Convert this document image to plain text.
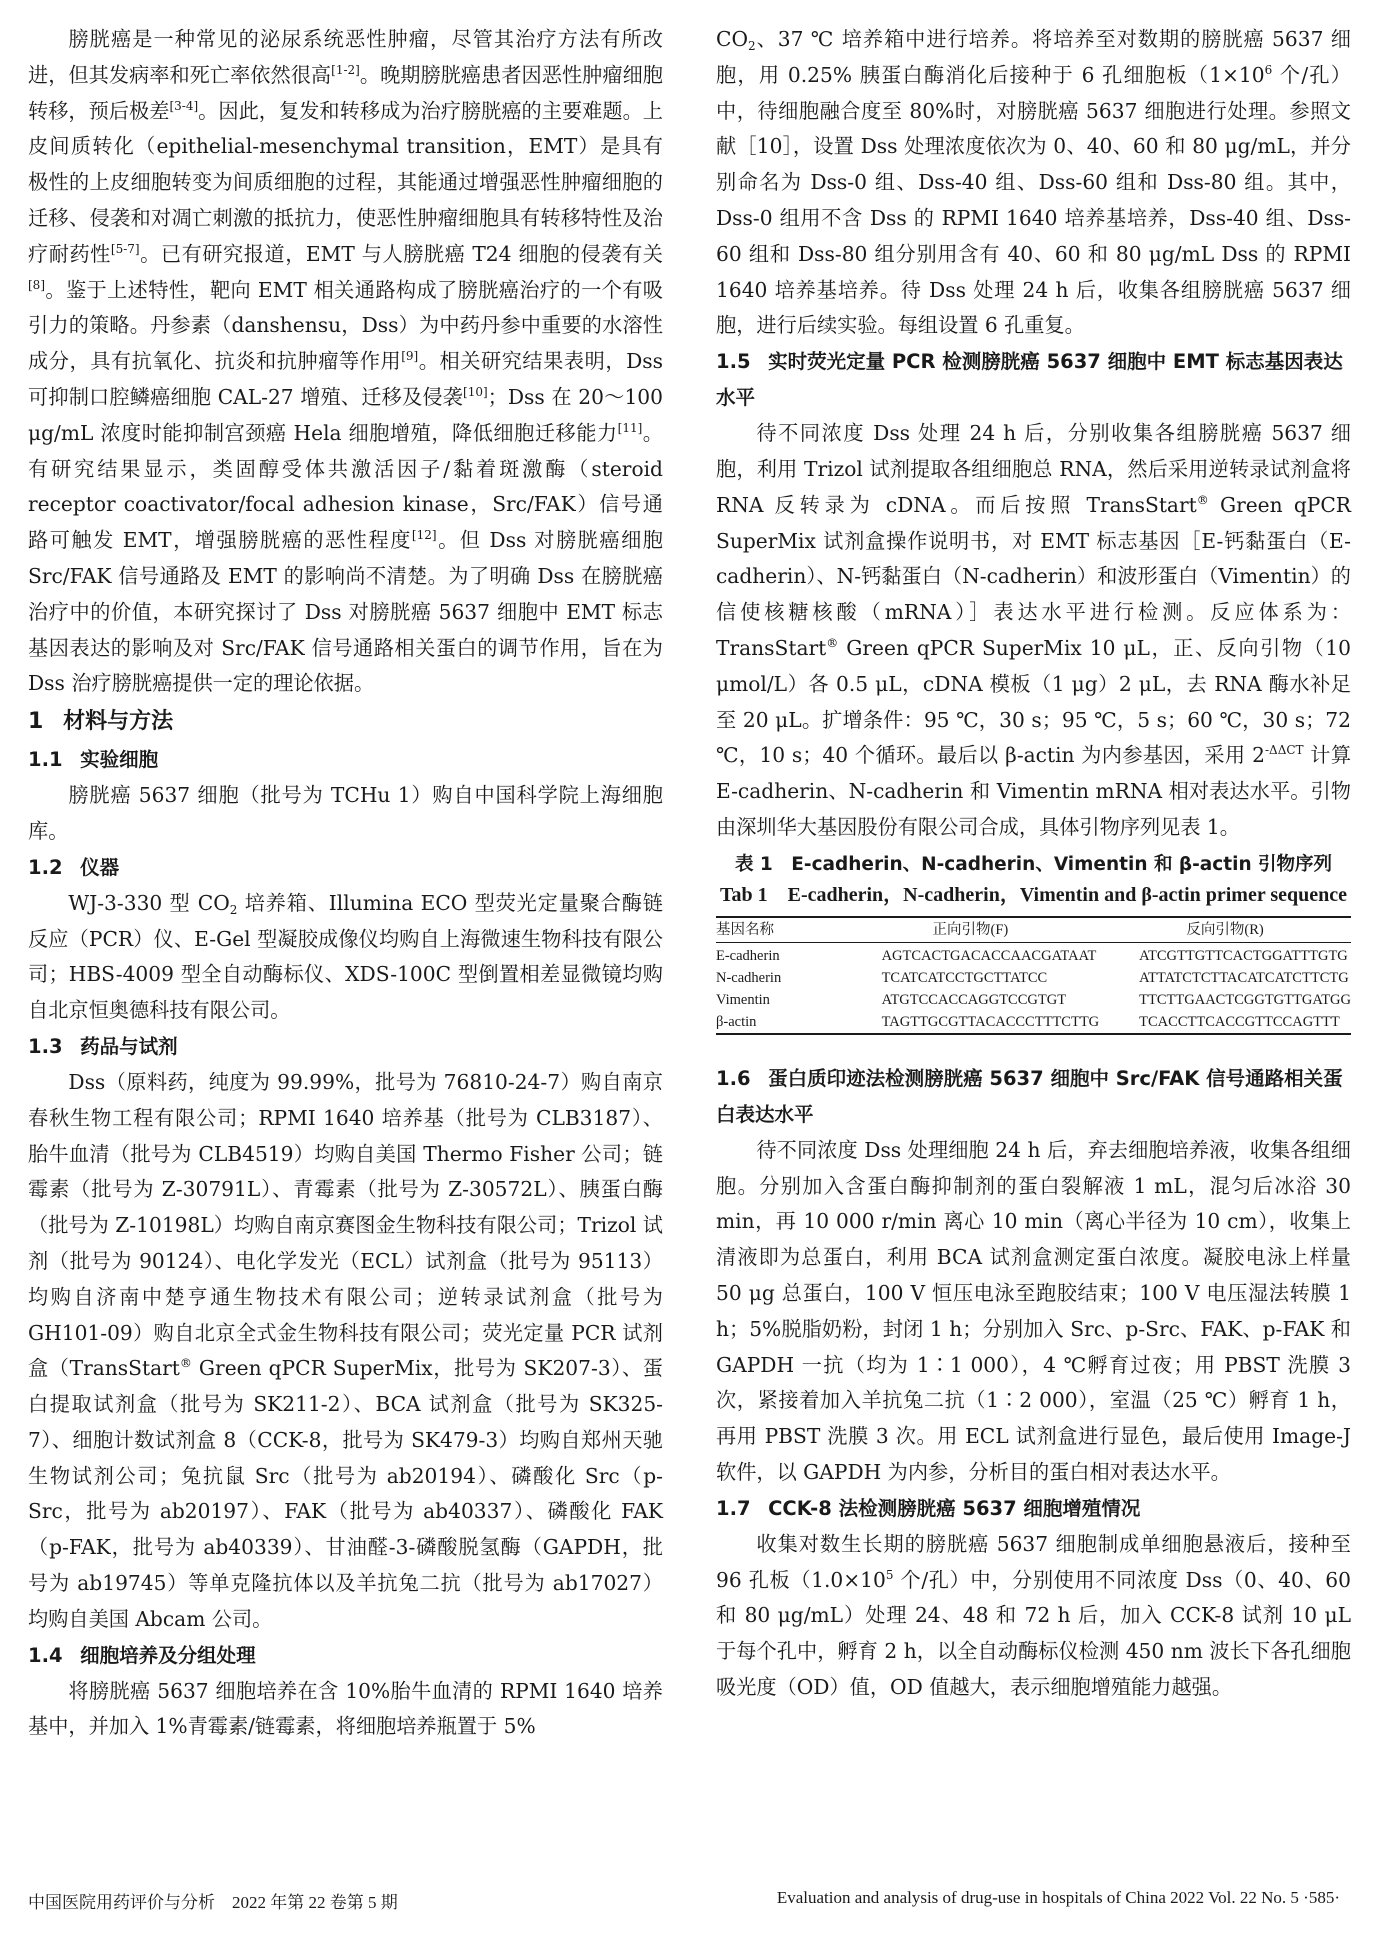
膀胱癌是一种常见的泌尿系统恶性肿瘤，尽管其治疗方法有所改进，但其发病率和死亡率依然很高[1-2]。晚期膀胱癌患者因恶性肿瘤细胞转移，预后极差[3-4]。因此，复发和转移成为治疗膀胱癌的主要难题。上皮间质转化（epithelial-mesenchymal transition，EMT）是具有极性的上皮细胞转变为间质细胞的过程，其能通过增强恶性肿瘤细胞的迁移、侵袭和对凋亡刺激的抵抗力，使恶性肿瘤细胞具有转移特性及治疗耐药性[5-7]。已有研究报道，EMT 与人膀胱癌 T24 细胞的侵袭有关[8]。鉴于上述特性，靶向 EMT 相关通路构成了膀胱癌治疗的一个有吸引力的策略。丹参素（danshensu，Dss）为中药丹参中重要的水溶性成分，具有抗氧化、抗炎和抗肿瘤等作用[9]。相关研究结果表明，Dss 可抑制口腔鳞癌细胞 CAL-27 增殖、迁移及侵袭[10]；Dss 在 20～100 μg/mL 浓度时能抑制宫颈癌 Hela 细胞增殖，降低细胞迁移能力[11]。有研究结果显示，类固醇受体共激活因子/黏着斑激酶（steroid receptor coactivator/focal adhesion kinase，Src/FAK）信号通路可触发 EMT，增强膀胱癌的恶性程度[12]。但 Dss 对膀胱癌细胞 Src/FAK 信号通路及 EMT 的影响尚不清楚。为了明确 Dss 在膀胱癌治疗中的价值，本研究探讨了 Dss 对膀胱癌 5637 细胞中 EMT 标志基因表达的影响及对 Src/FAK 信号通路相关蛋白的调节作用，旨在为 Dss 治疗膀胱癌提供一定的理论依据。

1 材料与方法
1.1 实验细胞

膀胱癌 5637 细胞（批号为 TCHu 1）购自中国科学院上海细胞库。

1.2 仪器

WJ-3-330 型 $CO_2$ 培养箱、Illumina ECO 型荧光定量聚合酶链反应（PCR）仪、E-Gel 型凝胶成像仪均购自上海微速生物科技有限公司；HBS-4009 型全自动酶标仪、XDS-100C 型倒置相差显微镜均购自北京恒奥德科技有限公司。

1.3 药品与试剂

Dss（原料药，纯度为 99.99%，批号为 76810-24-7）购自南京春秋生物工程有限公司；RPMI 1640 培养基（批号为 CLB3187）、胎牛血清（批号为 CLB4519）均购自美国 Thermo Fisher 公司；链霉素（批号为 Z-30791L）、青霉素（批号为 Z-30572L）、胰蛋白酶（批号为 Z-10198L）均购自南京赛图金生物科技有限公司；Trizol 试剂（批号为 90124）、电化学发光（ECL）试剂盒（批号为 95113）均购自济南中楚亨通生物技术有限公司；逆转录试剂盒（批号为 GH101-09）购自北京全式金生物科技有限公司；荧光定量 PCR 试剂盒（TransStart® Green qPCR SuperMix，批号为 SK207-3）、蛋白提取试剂盒（批号为 SK211-2）、BCA 试剂盒（批号为 SK325-7）、细胞计数试剂盒 8（CCK-8，批号为 SK479-3）均购自郑州天驰生物试剂公司；兔抗鼠 Src（批号为 ab20194）、磷酸化 Src（p-Src，批号为 ab20197）、FAK（批号为 ab40337）、磷酸化 FAK（p-FAK，批号为 ab40339）、甘油醛-3-磷酸脱氢酶（GAPDH，批号为 ab19745）等单克隆抗体以及羊抗兔二抗（批号为 ab17027）均购自美国 Abcam 公司。

1.4 细胞培养及分组处理

将膀胱癌 5637 细胞培养在含 10%胎牛血清的 RPMI 1640 培养基中，并加入 1%青霉素/链霉素，将细胞培养瓶置于 5%

$CO_2$、37 ℃ 培养箱中进行培养。将培养至对数期的膀胱癌 5637 细胞，用 0.25% 胰蛋白酶消化后接种于 6 孔细胞板（$1\times 10^6$ 个/孔）中，待细胞融合度至 80%时，对膀胱癌 5637 细胞进行处理。参照文献［10］，设置 Dss 处理浓度依次为 0、40、60 和 80 μg/mL，并分别命名为 Dss-0 组、Dss-40 组、Dss-60 组和 Dss-80 组。其中，Dss-0 组用不含 Dss 的 RPMI 1640 培养基培养，Dss-40 组、Dss-60 组和 Dss-80 组分别用含有 40、60 和 80 μg/mL Dss 的 RPMI 1640 培养基培养。待 Dss 处理 24 h 后，收集各组膀胱癌 5637 细胞，进行后续实验。每组设置 6 孔重复。

1.5 实时荧光定量 PCR 检测膀胱癌 5637 细胞中 EMT 标志基因表达水平

待不同浓度 Dss 处理 24 h 后，分别收集各组膀胱癌 5637 细胞，利用 Trizol 试剂提取各组细胞总 RNA，然后采用逆转录试剂盒将 RNA 反转录为 cDNA。而后按照 TransStart® Green qPCR SuperMix 试剂盒操作说明书，对 EMT 标志基因［E-钙黏蛋白（E-cadherin）、N-钙黏蛋白（N-cadherin）和波形蛋白（Vimentin）的信使核糖核酸（mRNA）］表达水平进行检测。反应体系为：TransStart® Green qPCR SuperMix 10 μL，正、反向引物（10 μmol/L）各 0.5 μL，cDNA 模板（1 μg）2 μL，去 RNA 酶水补足至 20 μL。扩增条件：95 ℃，30 s；95 ℃，5 s；60 ℃，30 s；72 ℃，10 s；40 个循环。最后以 β-actin 为内参基因，采用 $2^{-\Delta\Delta CT}$ 计算 E-cadherin、N-cadherin 和 Vimentin mRNA 相对表达水平。引物由深圳华大基因股份有限公司合成，具体引物序列见表 1。

表 1　E-cadherin、N-cadherin、Vimentin 和 β-actin 引物序列
Tab 1　E-cadherin，N-cadherin，Vimentin and β-actin primer sequence
基因名称	正向引物(F)	反向引物(R)
E-cadherin	AGTCACTGACACCAACGATAAT	ATCGTTGTTCACTGGATTTGTG
N-cadherin	TCATCATCCTGCTTATCC	ATTATCTCTTACATCATCTTCTG
Vimentin	ATGTCCACCAGGTCCGTGT	TTCTTGAACTCGGTGTTGATGG
β-actin	TAGTTGCGTTACACCCTTTCTTG	TCACCTTCACCGTTCCAGTTT
1.6 蛋白质印迹法检测膀胱癌 5637 细胞中 Src/FAK 信号通路相关蛋白表达水平

待不同浓度 Dss 处理细胞 24 h 后，弃去细胞培养液，收集各组细胞。分别加入含蛋白酶抑制剂的蛋白裂解液 1 mL，混匀后冰浴 30 min，再 10 000 r/min 离心 10 min（离心半径为 10 cm），收集上清液即为总蛋白，利用 BCA 试剂盒测定蛋白浓度。凝胶电泳上样量 50 μg 总蛋白，100 V 恒压电泳至跑胶结束；100 V 电压湿法转膜 1 h；5%脱脂奶粉，封闭 1 h；分别加入 Src、p-Src、FAK、p-FAK 和 GAPDH 一抗（均为 1∶1 000），4 ℃孵育过夜；用 PBST 洗膜 3 次，紧接着加入羊抗兔二抗（1∶2 000），室温（25 ℃）孵育 1 h，再用 PBST 洗膜 3 次。用 ECL 试剂盒进行显色，最后使用 Image-J 软件，以 GAPDH 为内参，分析目的蛋白相对表达水平。

1.7 CCK-8 法检测膀胱癌 5637 细胞增殖情况

收集对数生长期的膀胱癌 5637 细胞制成单细胞悬液后，接种至 96 孔板（$1.0\times 10^5$ 个/孔）中，分别使用不同浓度 Dss（0、40、60 和 80 μg/mL）处理 24、48 和 72 h 后，加入 CCK-8 试剂 10 μL 于每个孔中，孵育 2 h，以全自动酶标仪检测 450 nm 波长下各孔细胞吸光度（OD）值，OD 值越大，表示细胞增殖能力越强。

中国医院用药评价与分析　2022 年第 22 卷第 5 期	Evaluation and analysis of drug-use in hospitals of China 2022 Vol. 22 No. 5 ·585·
